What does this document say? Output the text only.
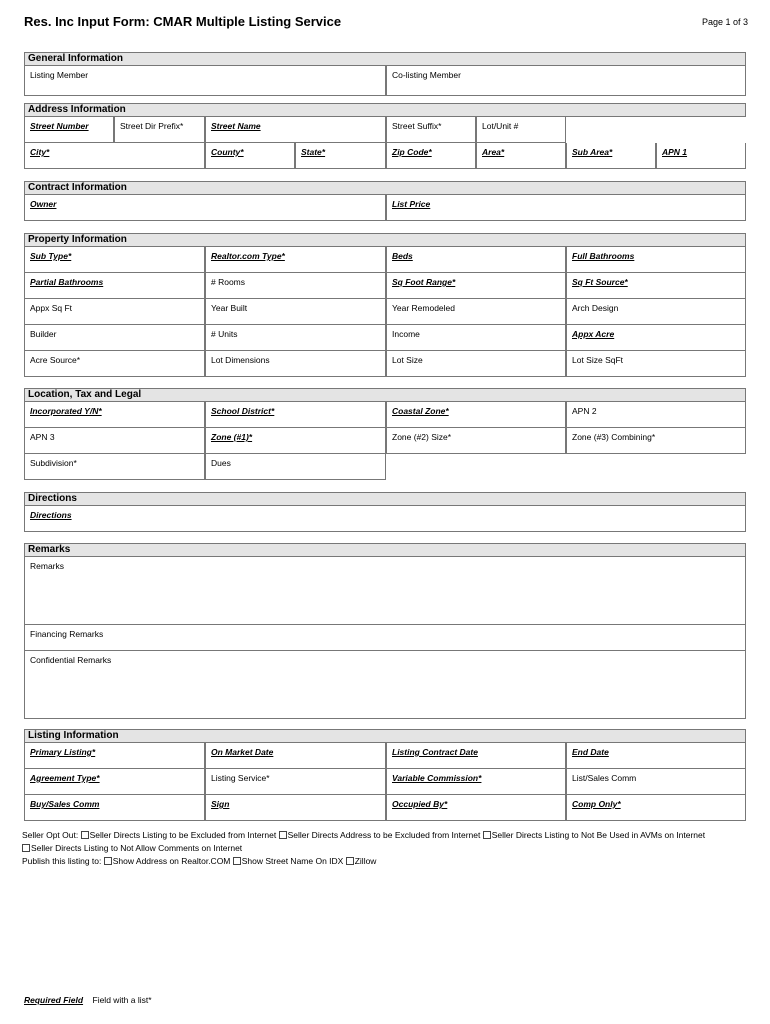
Res. Inc Input Form: CMAR Multiple Listing Service	Page 1 of 3
General Information
Listing Member	Co-listing Member
Address Information
Street Number	Street Dir Prefix*	Street Name	Street Suffix*	Lot/Unit #
City*	County*	State*	Zip Code*	Area*	Sub Area*	APN 1
Contract Information
Owner	List Price
Property Information
Sub Type*	Realtor.com Type*	Beds	Full Bathrooms
Partial Bathrooms	# Rooms	Sq Foot Range*	Sq Ft Source*
Appx Sq Ft	Year Built	Year Remodeled	Arch Design
Builder	# Units	Income	Appx Acre
Acre Source*	Lot Dimensions	Lot Size	Lot Size SqFt
Location, Tax and Legal
Incorporated Y/N*	School District*	Coastal Zone*	APN 2
APN 3	Zone (#1)*	Zone (#2) Size*	Zone (#3) Combining*
Subdivision*	Dues
Directions
Directions
Remarks
Remarks
Financing Remarks
Confidential Remarks
Listing Information
Primary Listing*	On Market Date	Listing Contract Date	End Date
Agreement Type*	Listing Service*	Variable Commission*	List/Sales Comm
Buy/Sales Comm	Sign	Occupied By*	Comp Only*
Seller Opt Out: Seller Directs Listing to be Excluded from Internet Seller Directs Address to be Excluded from Internet Seller Directs Listing to Not Be Used in AVMs on Internet
Seller Directs Listing to Not Allow Comments on Internet
Publish this listing to: Show Address on Realtor.COM Show Street Name On IDX Zillow
Required Field Field with a list*
